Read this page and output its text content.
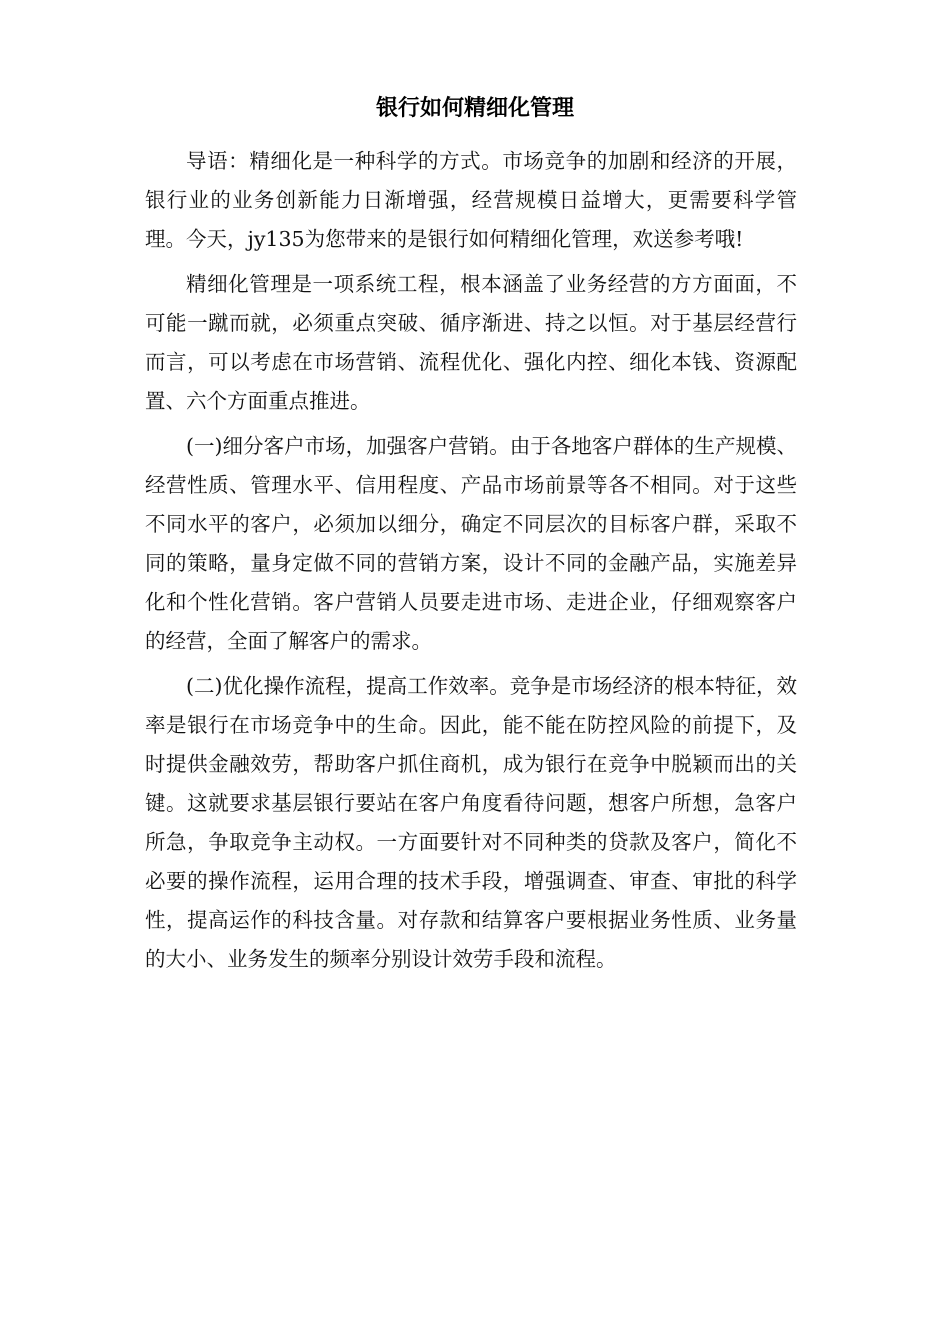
银行如何精细化管理

导语：精细化是一种科学的方式。市场竞争的加剧和经济的开展，银行业的业务创新能力日渐增强，经营规模日益增大，更需要科学管理。今天，jy135为您带来的是银行如何精细化管理，欢送参考哦!

精细化管理是一项系统工程，根本涵盖了业务经营的方方面面，不可能一蹴而就，必须重点突破、循序渐进、持之以恒。对于基层经营行而言，可以考虑在市场营销、流程优化、强化内控、细化本钱、资源配置、六个方面重点推进。

(一)细分客户市场，加强客户营销。由于各地客户群体的生产规模、经营性质、管理水平、信用程度、产品市场前景等各不相同。对于这些不同水平的客户，必须加以细分，确定不同层次的目标客户群，采取不同的策略，量身定做不同的营销方案，设计不同的金融产品，实施差异化和个性化营销。客户营销人员要走进市场、走进企业，仔细观察客户的经营，全面了解客户的需求。

(二)优化操作流程，提高工作效率。竞争是市场经济的根本特征，效率是银行在市场竞争中的生命。因此，能不能在防控风险的前提下，及时提供金融效劳，帮助客户抓住商机，成为银行在竞争中脱颖而出的关键。这就要求基层银行要站在客户角度看待问题，想客户所想，急客户所急，争取竞争主动权。一方面要针对不同种类的贷款及客户，简化不必要的操作流程，运用合理的技术手段，增强调查、审查、审批的科学性，提高运作的科技含量。对存款和结算客户要根据业务性质、业务量的大小、业务发生的频率分别设计效劳手段和流程。
